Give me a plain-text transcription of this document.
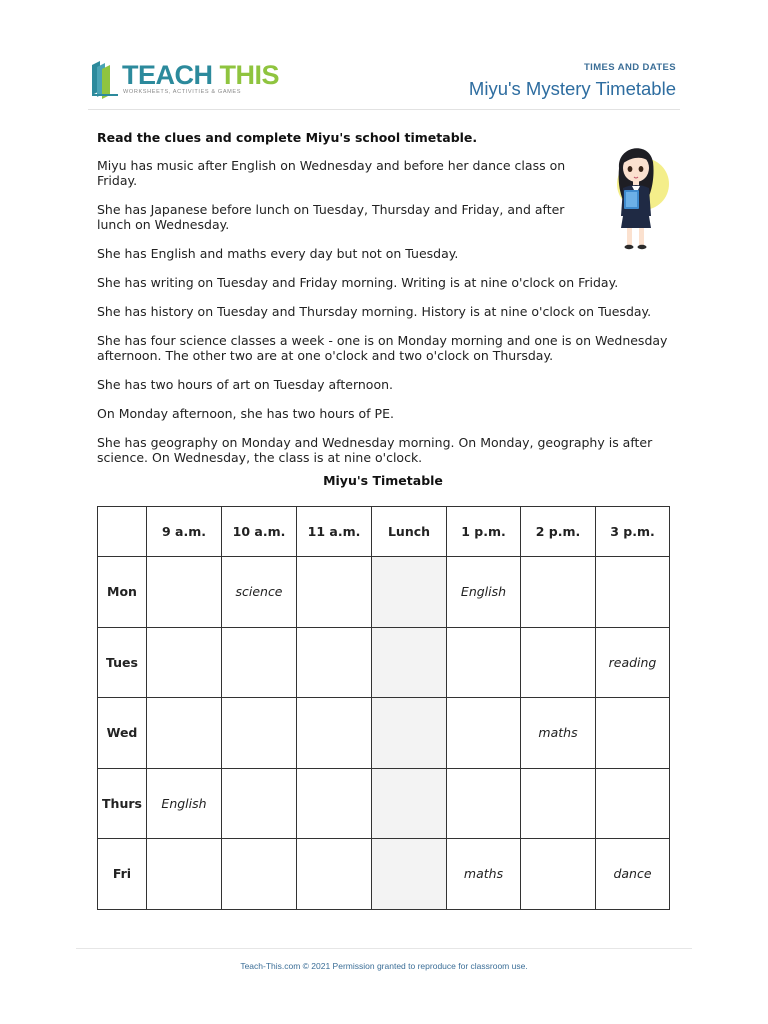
TEACH THIS
WORKSHEETS, ACTIVITIES & GAMES
TIMES AND DATES
Miyu's Mystery Timetable

Read the clues and complete Miyu's school timetable.

Miyu has music after English on Wednesday and before her dance class on Friday.

She has Japanese before lunch on Tuesday, Thursday and Friday, and after lunch on Wednesday.

She has English and maths every day but not on Tuesday.

She has writing on Tuesday and Friday morning. Writing is at nine o'clock on Friday.

She has history on Tuesday and Thursday morning. History is at nine o'clock on Tuesday.

She has four science classes a week - one is on Monday morning and one is on Wednesday afternoon. The other two are at one o'clock and two o'clock on Thursday.

She has two hours of art on Tuesday afternoon.

On Monday afternoon, she has two hours of PE.

She has geography on Monday and Wednesday morning. On Monday, geography is after science. On Wednesday, the class is at nine o'clock.

Miyu's Timetable
	9 a.m.	10 a.m.	11 a.m.	Lunch	1 p.m.	2 p.m.	3 p.m.
Mon		science			English		
Tues							reading
Wed						maths	
Thurs	English						
Fri					maths		dance
Teach-This.com © 2021 Permission granted to reproduce for classroom use.
